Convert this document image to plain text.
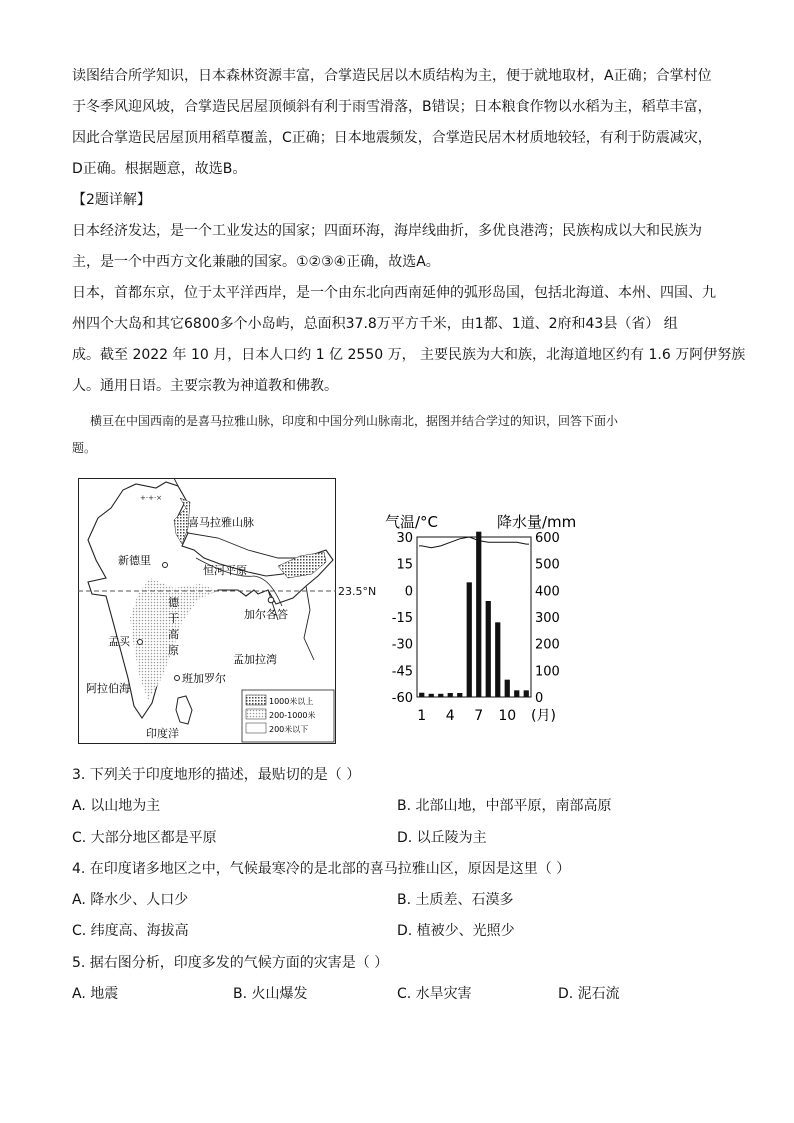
读图结合所学知识，日本森林资源丰富，合掌造民居以木质结构为主，便于就地取材，A正确；合掌村位

于冬季风迎风坡，合掌造民居屋顶倾斜有利于雨雪滑落，B错误；日本粮食作物以水稻为主，稻草丰富，

因此合掌造民居屋顶用稻草覆盖，C正确；日本地震频发，合掌造民居木材质地较轻，有利于防震减灾，

D正确。根据题意，故选B。

【2题详解】

日本经济发达，是一个工业发达的国家；四面环海，海岸线曲折，多优良港湾；民族构成以大和民族为

主，是一个中西方文化兼融的国家。①②③④正确，故选A。

日本，首都东京，位于太平洋西岸，是一个由东北向西南延伸的弧形岛国，包括北海道、本州、四国、九

州四个大岛和其它6800多个小岛屿，总面积37.8万平方千米，由1都、1道、2府和43县（省） 组

成。截至 2022 年 10 月，日本人口约 1 亿 2550 万， 主要民族为大和族，北海道地区约有 1.6 万阿伊努族

人。通用日语。主要宗教为神道教和佛教。

横亘在中国西南的是喜马拉雅山脉，印度和中国分列山脉南北，据图并结合学过的知识，回答下面小

题。

+·+·×
喜马拉雅山脉
新德里
恒河平原
德
干
高
原
加尔各答
孟买
孟加拉湾
班加罗尔
阿拉伯海
印度洋
1000米以上
200-1000米
200米以下
23.5°N
气温/°C	降水量/mm
30
15
0
-15
-30
-45
-60
600
500
400
300
200
100
0
1 4 7 10 (月)
3. 下列关于印度地形的描述，最贴切的是（ ）
A. 以山地为主	B. 北部山地，中部平原，南部高原
C. 大部分地区都是平原	D. 以丘陵为主
4. 在印度诸多地区之中，气候最寒冷的是北部的喜马拉雅山区，原因是这里（ ）
A. 降水少、人口少	B. 土质差、石漠多
C. 纬度高、海拔高	D. 植被少、光照少
5. 据右图分析，印度多发的气候方面的灾害是（ ）
A. 地震	B. 火山爆发	C. 水旱灾害	D. 泥石流
